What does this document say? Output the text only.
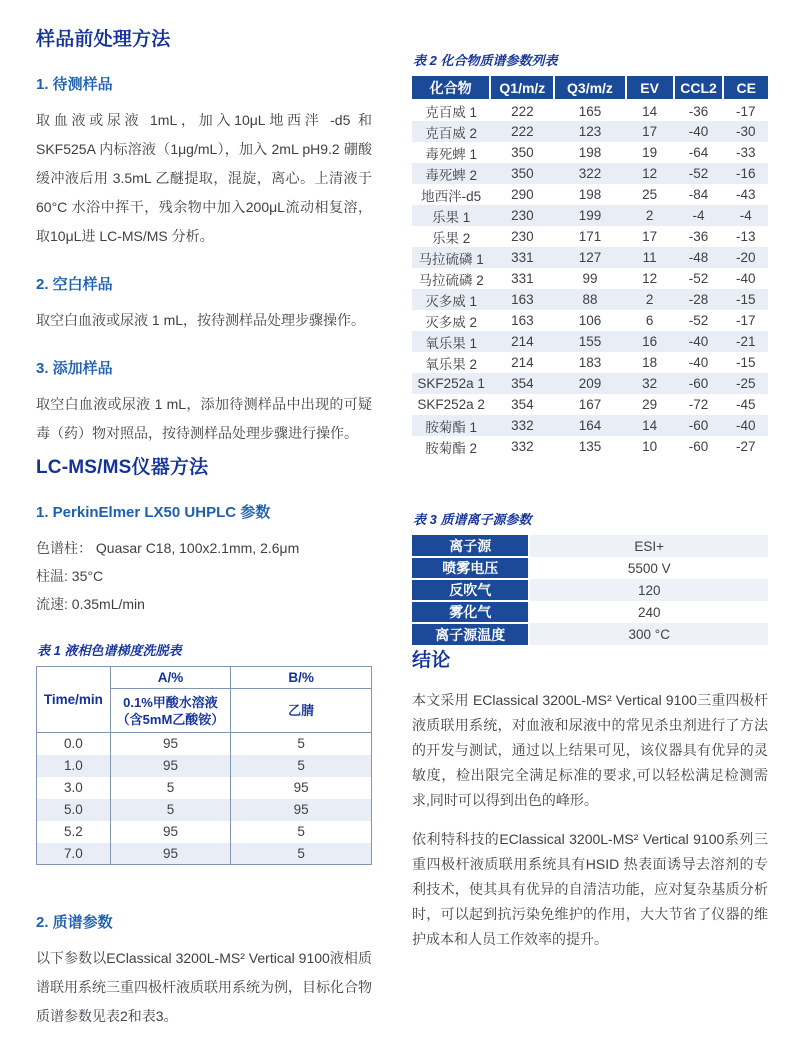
样品前处理方法
1. 待测样品

取血液或尿液 1mL，加入10μL地西泮 -d5 和 SKF525A 内标溶液（1μg/mL），加入 2mL pH9.2 硼酸缓冲液后用 3.5mL 乙醚提取，混旋，离心。上清液于 60°C 水浴中挥干，残余物中加入200μL流动相复溶，取10μL进 LC-MS/MS 分析。

2. 空白样品

取空白血液或尿液 1 mL，按待测样品处理步骤操作。

3. 添加样品

取空白血液或尿液 1 mL，添加待测样品中出现的可疑毒（药）物对照品，按待测样品处理步骤进行操作。

LC-MS/MS仪器方法
1. PerkinElmer LX50 UHPLC 参数
色谱柱： Quasar C18, 100x2.1mm, 2.6μm
柱温: 35°C
流速: 0.35mL/min
表 1 液相色谱梯度洗脱表
Time/min	A/%	B/%

	0.1%甲酸水溶液
（含5mM乙酸铵）	乙腈
0.0	95	5
1.0	95	5
3.0	5	95
5.0	5	95
5.2	95	5
7.0	95	5
2. 质谱参数

以下参数以EClassical 3200L-MS² Vertical 9100液相质谱联用系统三重四极杆液质联用系统为例，目标化合物质谱参数见表2和表3。

表 2 化合物质谱参数列表
化合物	Q1/m/z	Q3/m/z	EV	CCL2	CE
克百威 1	222	165	14	-36	-17
克百威 2	222	123	17	-40	-30
毒死蜱 1	350	198	19	-64	-33
毒死蜱 2	350	322	12	-52	-16
地西泮-d5	290	198	25	-84	-43
乐果 1	230	199	2	-4	-4
乐果 2	230	171	17	-36	-13
马拉硫磷 1	331	127	11	-48	-20
马拉硫磷 2	331	99	12	-52	-40
灭多威 1	163	88	2	-28	-15
灭多威 2	163	106	6	-52	-17
氧乐果 1	214	155	16	-40	-21
氧乐果 2	214	183	18	-40	-15
SKF252a 1	354	209	32	-60	-25
SKF252a 2	354	167	29	-72	-45
胺菊酯 1	332	164	14	-60	-40
胺菊酯 2	332	135	10	-60	-27
表 3 质谱离子源参数
离子源	ESI+
喷雾电压	5500 V
反吹气	120
雾化气	240
离子源温度	300 °C
结论

本文采用 EClassical 3200L-MS² Vertical 9100三重四极杆液质联用系统，对血液和尿液中的常见杀虫剂进行了方法的开发与测试，通过以上结果可见，该仪器具有优异的灵敏度，检出限完全满足标准的要求,可以轻松满足检测需求,同时可以得到出色的峰形。

依利特科技的EClassical 3200L-MS² Vertical 9100系列三重四极杆液质联用系统具有HSID 热表面诱导去溶剂的专利技术，使其具有优异的自清洁功能，应对复杂基质分析时，可以起到抗污染免维护的作用，大大节省了仪器的维护成本和人员工作效率的提升。
